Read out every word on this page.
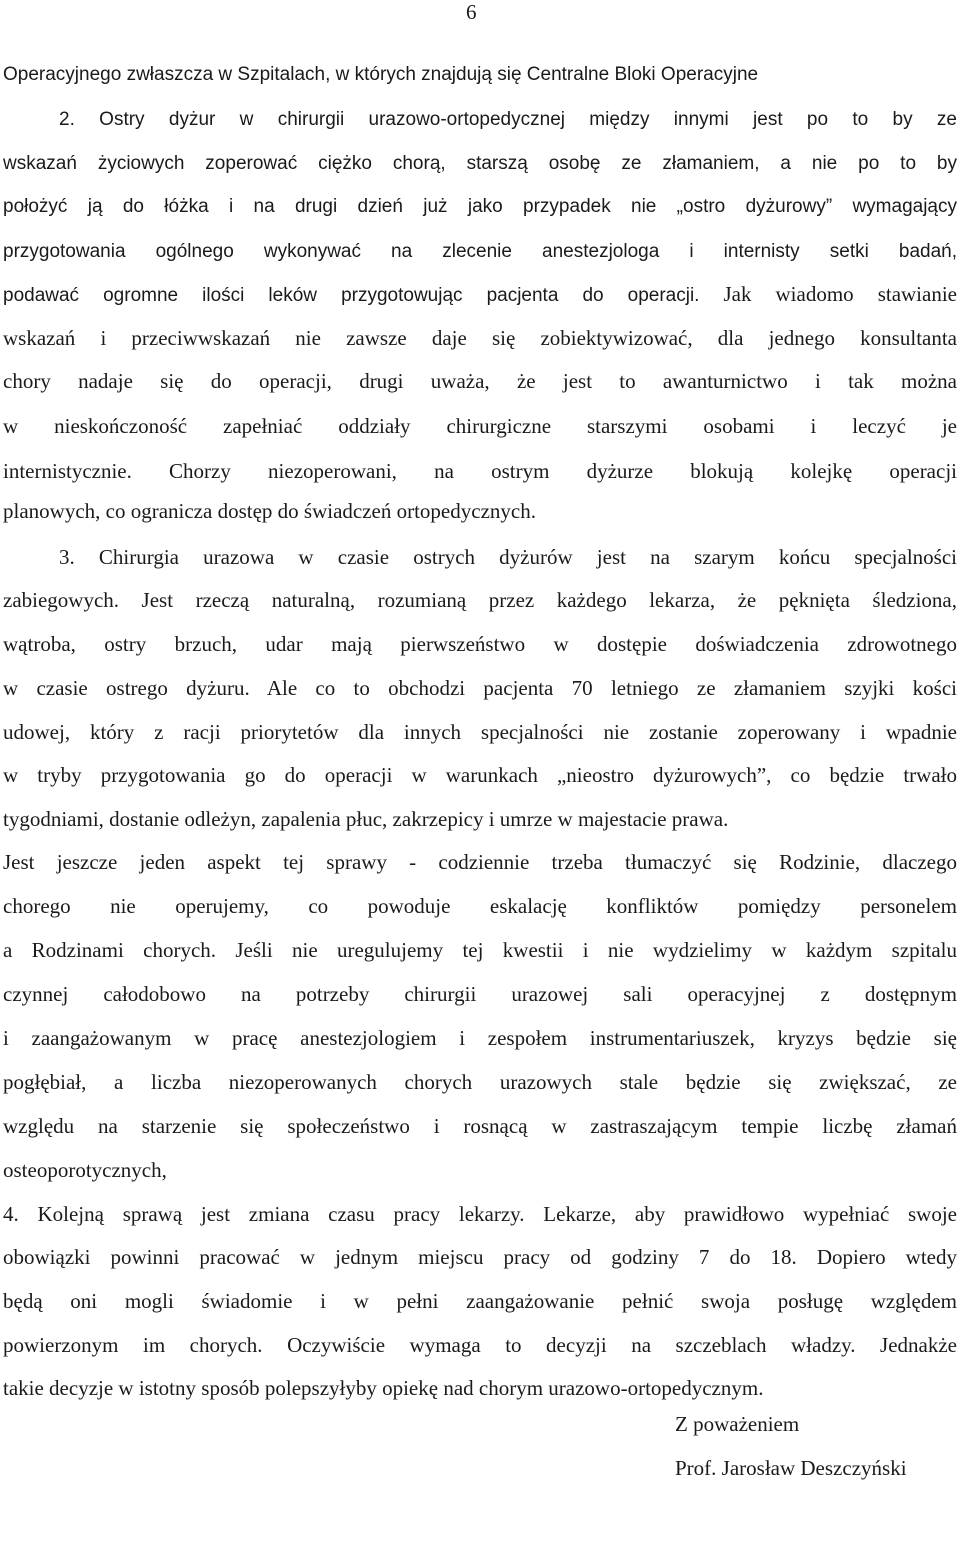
6
Operacyjnego zwłaszcza w Szpitalach, w których znajdują się Centralne Bloki Operacyjne
2. Ostry dyżur w chirurgii urazowo-ortopedycznej między innymi jest po to by ze
wskazań życiowych zoperować ciężko chorą, starszą osobę ze złamaniem, a nie po to by
położyć ją do łóżka i na drugi dzień już jako przypadek nie „ostro dyżurowy” wymagający
przygotowania ogólnego wykonywać na zlecenie anestezjologa i internisty setki badań,
podawać ogromne ilości leków przygotowując pacjenta do operacji. Jak wiadomo stawianie
wskazań i przeciwwskazań nie zawsze daje się zobiektywizować, dla jednego konsultanta
chory nadaje się do operacji, drugi uważa, że jest to awanturnictwo i tak można
w nieskończoność zapełniać oddziały chirurgiczne starszymi osobami i leczyć je
internistycznie. Chorzy niezoperowani, na ostrym dyżurze blokują kolejkę operacji
planowych, co ogranicza dostęp do świadczeń ortopedycznych.
3. Chirurgia urazowa w czasie ostrych dyżurów jest na szarym końcu specjalności
zabiegowych. Jest rzeczą naturalną, rozumianą przez każdego lekarza, że pęknięta śledziona,
wątroba, ostry brzuch, udar mają pierwszeństwo w dostępie doświadczenia zdrowotnego
w czasie ostrego dyżuru. Ale co to obchodzi pacjenta 70 letniego ze złamaniem szyjki kości
udowej, który z racji priorytetów dla innych specjalności nie zostanie zoperowany i wpadnie
w tryby przygotowania go do operacji w warunkach „nieostro dyżurowych”, co będzie trwało
tygodniami, dostanie odleżyn, zapalenia płuc, zakrzepicy i umrze w majestacie prawa.
Jest jeszcze jeden aspekt tej sprawy - codziennie trzeba tłumaczyć się Rodzinie, dlaczego
chorego nie operujemy, co powoduje eskalację konfliktów pomiędzy personelem
a Rodzinami chorych. Jeśli nie uregulujemy tej kwestii i nie wydzielimy w każdym szpitalu
czynnej całodobowo na potrzeby chirurgii urazowej sali operacyjnej z dostępnym
i zaangażowanym w pracę anestezjologiem i zespołem instrumentariuszek, kryzys będzie się
pogłębiał, a liczba niezoperowanych chorych urazowych stale będzie się zwiększać, ze
względu na starzenie się społeczeństwo i rosnącą w zastraszającym tempie liczbę złamań
osteoporotycznych,
4. Kolejną sprawą jest zmiana czasu pracy lekarzy. Lekarze, aby prawidłowo wypełniać swoje
obowiązki powinni pracować w jednym miejscu pracy od godziny 7 do 18. Dopiero wtedy
będą oni mogli świadomie i w pełni zaangażowanie pełnić swoja posługę względem
powierzonym im chorych. Oczywiście wymaga to decyzji na szczeblach władzy. Jednakże
takie decyzje w istotny sposób polepszyłyby opiekę nad chorym urazowo-ortopedycznym.
Z poważeniem
Prof. Jarosław Deszczyński
